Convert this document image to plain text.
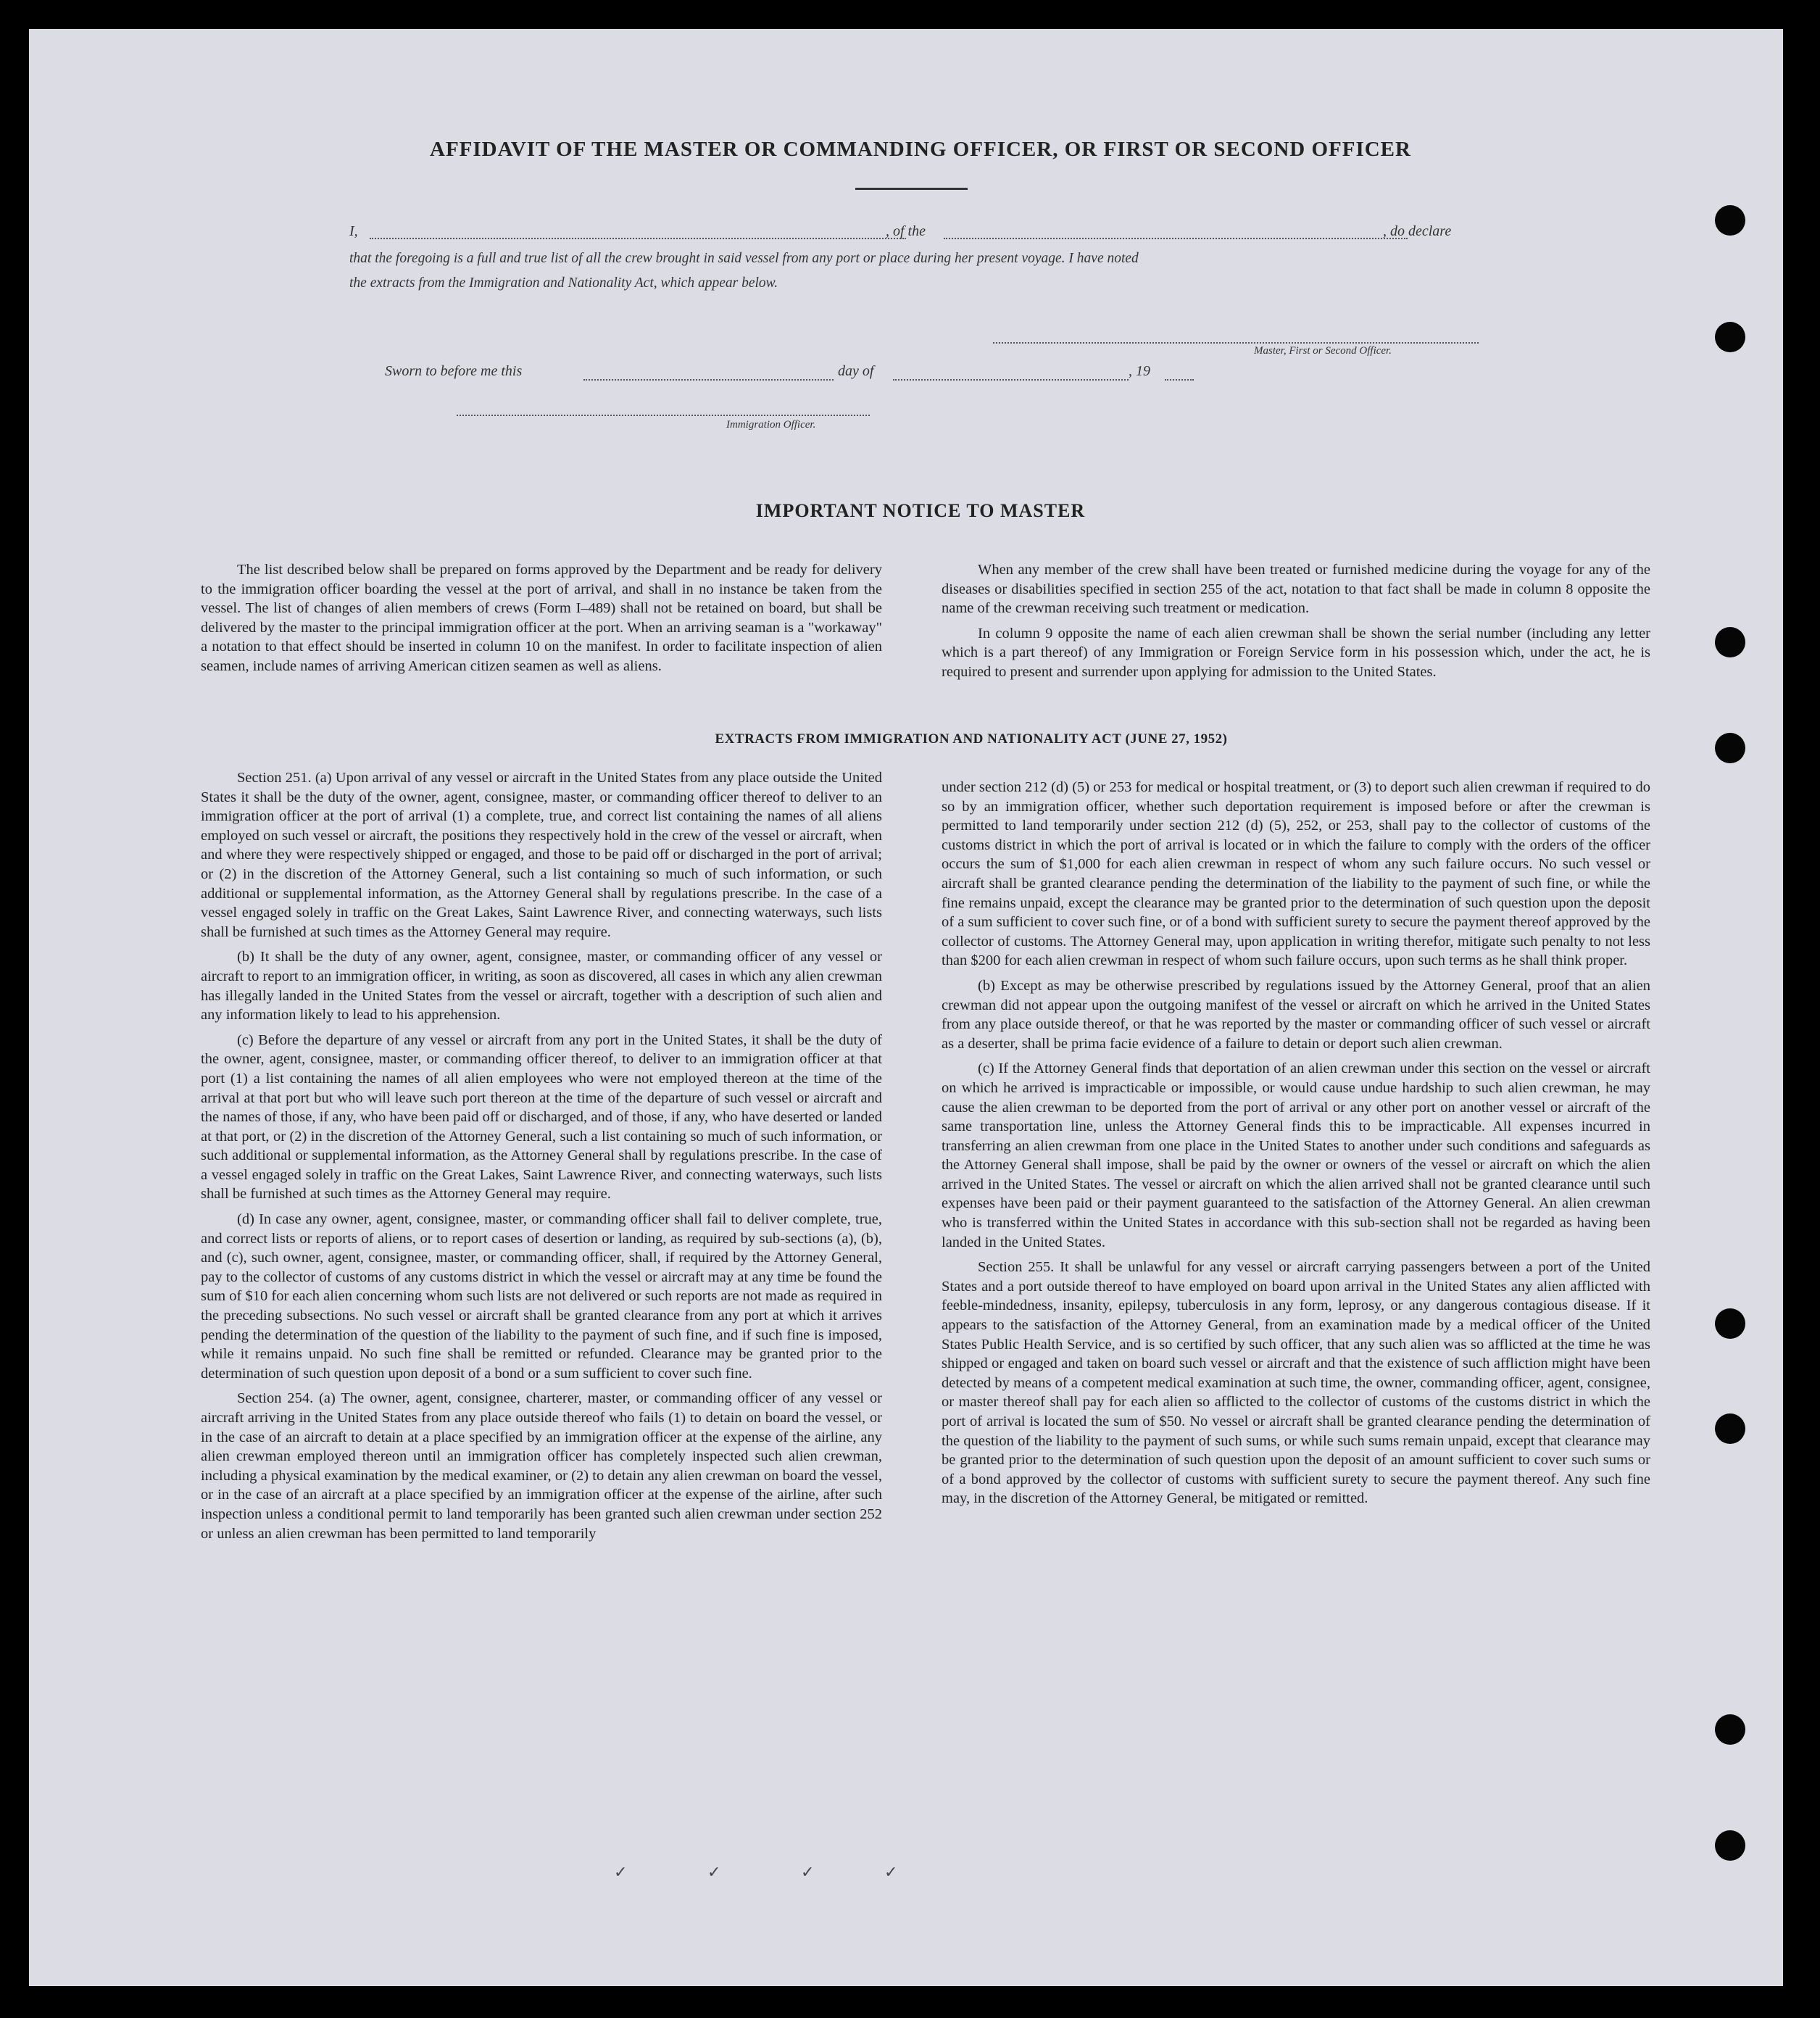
AFFIDAVIT OF THE MASTER OR COMMANDING OFFICER, OR FIRST OR SECOND OFFICER
I,	, of the	, do declare
that the foregoing is a full and true list of all the crew brought in said vessel from any port or place during her present voyage. I have noted
the extracts from the Immigration and Nationality Act, which appear below.
Master, First or Second Officer.
Sworn to before me this	day of	, 19
Immigration Officer.
IMPORTANT NOTICE TO MASTER

The list described below shall be prepared on forms approved by the Department and be ready for delivery to the immigration officer boarding the vessel at the port of arrival, and shall in no instance be taken from the vessel. The list of changes of alien members of crews (Form I–489) shall not be retained on board, but shall be delivered by the master to the principal immigration officer at the port. When an arriving seaman is a "workaway" a notation to that effect should be inserted in column 10 on the manifest. In order to facilitate inspection of alien seamen, include names of arriving American citizen seamen as well as aliens.

When any member of the crew shall have been treated or furnished medicine during the voyage for any of the diseases or disabilities specified in section 255 of the act, notation to that fact shall be made in column 8 opposite the name of the crewman receiving such treatment or medication.

In column 9 opposite the name of each alien crewman shall be shown the serial number (including any letter which is a part thereof) of any Immigration or Foreign Service form in his possession which, under the act, he is required to present and surrender upon applying for admission to the United States.

EXTRACTS FROM IMMIGRATION AND NATIONALITY ACT (JUNE 27, 1952)

Section 251. (a) Upon arrival of any vessel or aircraft in the United States from any place outside the United States it shall be the duty of the owner, agent, consignee, master, or commanding officer thereof to deliver to an immigration officer at the port of arrival (1) a complete, true, and correct list containing the names of all aliens employed on such vessel or aircraft, the positions they respectively hold in the crew of the vessel or aircraft, when and where they were respectively shipped or engaged, and those to be paid off or discharged in the port of arrival; or (2) in the discretion of the Attorney General, such a list containing so much of such information, or such additional or supplemental information, as the Attorney General shall by regulations prescribe. In the case of a vessel engaged solely in traffic on the Great Lakes, Saint Lawrence River, and connecting waterways, such lists shall be furnished at such times as the Attorney General may require.

(b) It shall be the duty of any owner, agent, consignee, master, or commanding officer of any vessel or aircraft to report to an immigration officer, in writing, as soon as discovered, all cases in which any alien crewman has illegally landed in the United States from the vessel or aircraft, together with a description of such alien and any information likely to lead to his apprehension.

(c) Before the departure of any vessel or aircraft from any port in the United States, it shall be the duty of the owner, agent, consignee, master, or commanding officer thereof, to deliver to an immigration officer at that port (1) a list containing the names of all alien employees who were not employed thereon at the time of the arrival at that port but who will leave such port thereon at the time of the departure of such vessel or aircraft and the names of those, if any, who have been paid off or discharged, and of those, if any, who have deserted or landed at that port, or (2) in the discretion of the Attorney General, such a list containing so much of such information, or such additional or supplemental information, as the Attorney General shall by regulations prescribe. In the case of a vessel engaged solely in traffic on the Great Lakes, Saint Lawrence River, and connecting waterways, such lists shall be furnished at such times as the Attorney General may require.

(d) In case any owner, agent, consignee, master, or commanding officer shall fail to deliver complete, true, and correct lists or reports of aliens, or to report cases of desertion or landing, as required by sub-sections (a), (b), and (c), such owner, agent, consignee, master, or commanding officer, shall, if required by the Attorney General, pay to the collector of customs of any customs district in which the vessel or aircraft may at any time be found the sum of $10 for each alien concerning whom such lists are not delivered or such reports are not made as required in the preceding subsections. No such vessel or aircraft shall be granted clearance from any port at which it arrives pending the determination of the question of the liability to the payment of such fine, and if such fine is imposed, while it remains unpaid. No such fine shall be remitted or refunded. Clearance may be granted prior to the determination of such question upon deposit of a bond or a sum sufficient to cover such fine.

Section 254. (a) The owner, agent, consignee, charterer, master, or commanding officer of any vessel or aircraft arriving in the United States from any place outside thereof who fails (1) to detain on board the vessel, or in the case of an aircraft to detain at a place specified by an immigration officer at the expense of the airline, any alien crewman employed thereon until an immigration officer has completely inspected such alien crewman, including a physical examination by the medical examiner, or (2) to detain any alien crewman on board the vessel, or in the case of an aircraft at a place specified by an immigration officer at the expense of the airline, after such inspection unless a conditional permit to land temporarily has been granted such alien crewman under section 252 or unless an alien crewman has been permitted to land temporarily

under section 212 (d) (5) or 253 for medical or hospital treatment, or (3) to deport such alien crewman if required to do so by an immigration officer, whether such deportation requirement is imposed before or after the crewman is permitted to land temporarily under section 212 (d) (5), 252, or 253, shall pay to the collector of customs of the customs district in which the port of arrival is located or in which the failure to comply with the orders of the officer occurs the sum of $1,000 for each alien crewman in respect of whom any such failure occurs. No such vessel or aircraft shall be granted clearance pending the determination of the liability to the payment of such fine, or while the fine remains unpaid, except the clearance may be granted prior to the determination of such question upon the deposit of a sum sufficient to cover such fine, or of a bond with sufficient surety to secure the payment thereof approved by the collector of customs. The Attorney General may, upon application in writing therefor, mitigate such penalty to not less than $200 for each alien crewman in respect of whom such failure occurs, upon such terms as he shall think proper.

(b) Except as may be otherwise prescribed by regulations issued by the Attorney General, proof that an alien crewman did not appear upon the outgoing manifest of the vessel or aircraft on which he arrived in the United States from any place outside thereof, or that he was reported by the master or commanding officer of such vessel or aircraft as a deserter, shall be prima facie evidence of a failure to detain or deport such alien crewman.

(c) If the Attorney General finds that deportation of an alien crewman under this section on the vessel or aircraft on which he arrived is impracticable or impossible, or would cause undue hardship to such alien crewman, he may cause the alien crewman to be deported from the port of arrival or any other port on another vessel or aircraft of the same transportation line, unless the Attorney General finds this to be impracticable. All expenses incurred in transferring an alien crewman from one place in the United States to another under such conditions and safeguards as the Attorney General shall impose, shall be paid by the owner or owners of the vessel or aircraft on which the alien arrived in the United States. The vessel or aircraft on which the alien arrived shall not be granted clearance until such expenses have been paid or their payment guaranteed to the satisfaction of the Attorney General. An alien crewman who is transferred within the United States in accordance with this sub-section shall not be regarded as having been landed in the United States.

Section 255. It shall be unlawful for any vessel or aircraft carrying passengers between a port of the United States and a port outside thereof to have employed on board upon arrival in the United States any alien afflicted with feeble-mindedness, insanity, epilepsy, tuberculosis in any form, leprosy, or any dangerous contagious disease. If it appears to the satisfaction of the Attorney General, from an examination made by a medical officer of the United States Public Health Service, and is so certified by such officer, that any such alien was so afflicted at the time he was shipped or engaged and taken on board such vessel or aircraft and that the existence of such affliction might have been detected by means of a competent medical examination at such time, the owner, commanding officer, agent, consignee, or master thereof shall pay for each alien so afflicted to the collector of customs of the customs district in which the port of arrival is located the sum of $50. No vessel or aircraft shall be granted clearance pending the determination of the question of the liability to the payment of such sums, or while such sums remain unpaid, except that clearance may be granted prior to the determination of such question upon the deposit of an amount sufficient to cover such sums or of a bond approved by the collector of customs with sufficient surety to secure the payment thereof. Any such fine may, in the discretion of the Attorney General, be mitigated or remitted.

✓	✓	✓	✓
